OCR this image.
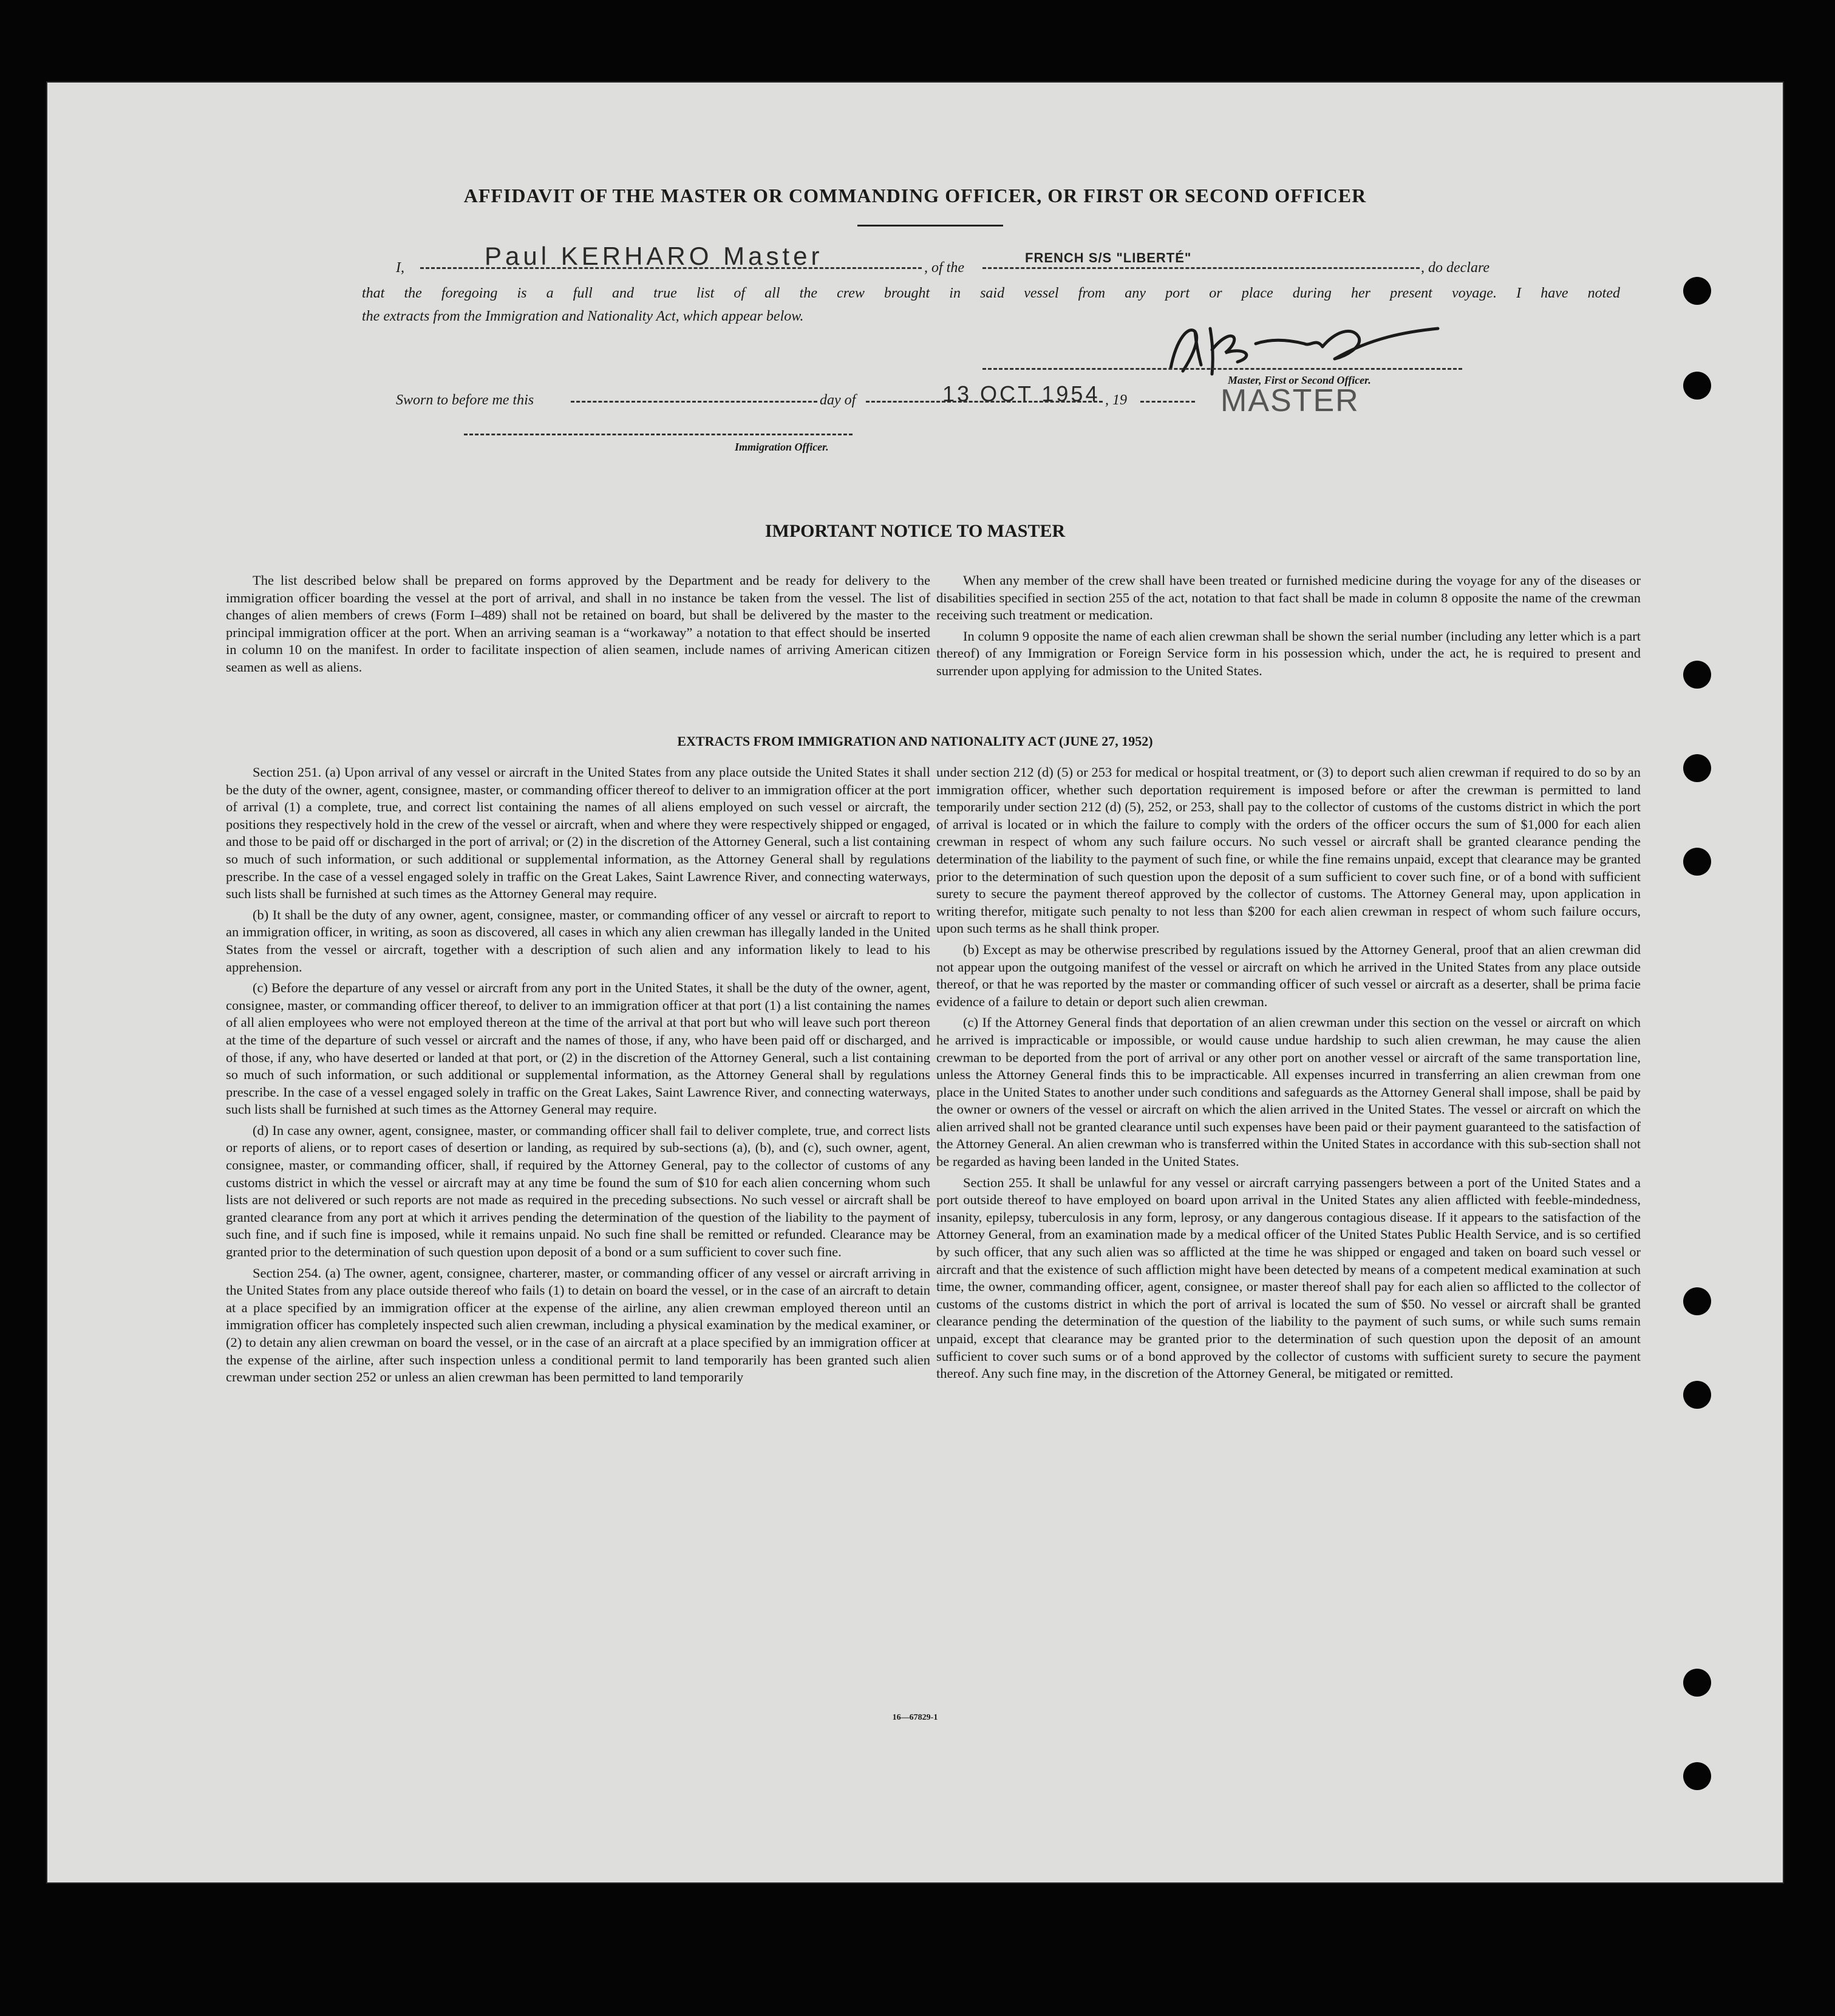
AFFIDAVIT OF THE MASTER OR COMMANDING OFFICER, OR FIRST OR SECOND OFFICER
I,	Paul KERHARO Master	, of the
FRENCH S/S "LIBERTÉ"
, do declare
that the foregoing is a full and true list of all the crew brought in said vessel from any port or place during her present voyage. I have noted
the extracts from the Immigration and Nationality Act, which appear below.
Master, First or Second Officer.
MASTER
Sworn to before me this	day of	13 OCT 1954 , 19
Immigration Officer.
IMPORTANT NOTICE TO MASTER

The list described below shall be prepared on forms approved by the Department and be ready for delivery to the immigration officer boarding the vessel at the port of arrival, and shall in no instance be taken from the vessel. The list of changes of alien members of crews (Form I–489) shall not be retained on board, but shall be delivered by the master to the principal immigration officer at the port. When an arriving seaman is a “workaway” a notation to that effect should be inserted in column 10 on the manifest. In order to facilitate inspection of alien seamen, include names of arriving American citizen seamen as well as aliens.

When any member of the crew shall have been treated or furnished medicine during the voyage for any of the diseases or disabilities specified in section 255 of the act, notation to that fact shall be made in column 8 opposite the name of the crewman receiving such treatment or medication.

In column 9 opposite the name of each alien crewman shall be shown the serial number (including any letter which is a part thereof) of any Immigration or Foreign Service form in his possession which, under the act, he is required to present and surrender upon applying for admission to the United States.

EXTRACTS FROM IMMIGRATION AND NATIONALITY ACT (JUNE 27, 1952)

Section 251. (a) Upon arrival of any vessel or aircraft in the United States from any place outside the United States it shall be the duty of the owner, agent, consignee, master, or commanding officer thereof to deliver to an immigration officer at the port of arrival (1) a complete, true, and correct list containing the names of all aliens employed on such vessel or aircraft, the positions they respectively hold in the crew of the vessel or aircraft, when and where they were respectively shipped or engaged, and those to be paid off or discharged in the port of arrival; or (2) in the discretion of the Attorney General, such a list containing so much of such information, or such additional or supplemental information, as the Attorney General shall by regulations prescribe. In the case of a vessel engaged solely in traffic on the Great Lakes, Saint Lawrence River, and connecting waterways, such lists shall be furnished at such times as the Attorney General may require.

(b) It shall be the duty of any owner, agent, consignee, master, or commanding officer of any vessel or aircraft to report to an immigration officer, in writing, as soon as discovered, all cases in which any alien crewman has illegally landed in the United States from the vessel or aircraft, together with a description of such alien and any information likely to lead to his apprehension.

(c) Before the departure of any vessel or aircraft from any port in the United States, it shall be the duty of the owner, agent, consignee, master, or commanding officer thereof, to deliver to an immigration officer at that port (1) a list containing the names of all alien employees who were not employed thereon at the time of the arrival at that port but who will leave such port thereon at the time of the departure of such vessel or aircraft and the names of those, if any, who have been paid off or discharged, and of those, if any, who have deserted or landed at that port, or (2) in the discretion of the Attorney General, such a list containing so much of such information, or such additional or supplemental information, as the Attorney General shall by regulations prescribe. In the case of a vessel engaged solely in traffic on the Great Lakes, Saint Lawrence River, and connecting waterways, such lists shall be furnished at such times as the Attorney General may require.

(d) In case any owner, agent, consignee, master, or commanding officer shall fail to deliver complete, true, and correct lists or reports of aliens, or to report cases of desertion or landing, as required by sub-sections (a), (b), and (c), such owner, agent, consignee, master, or commanding officer, shall, if required by the Attorney General, pay to the collector of customs of any customs district in which the vessel or aircraft may at any time be found the sum of $10 for each alien concerning whom such lists are not delivered or such reports are not made as required in the preceding subsections. No such vessel or aircraft shall be granted clearance from any port at which it arrives pending the determination of the question of the liability to the payment of such fine, and if such fine is imposed, while it remains unpaid. No such fine shall be remitted or refunded. Clearance may be granted prior to the determination of such question upon deposit of a bond or a sum sufficient to cover such fine.

Section 254. (a) The owner, agent, consignee, charterer, master, or commanding officer of any vessel or aircraft arriving in the United States from any place outside thereof who fails (1) to detain on board the vessel, or in the case of an aircraft to detain at a place specified by an immigration officer at the expense of the airline, any alien crewman employed thereon until an immigration officer has completely inspected such alien crewman, including a physical examination by the medical examiner, or (2) to detain any alien crewman on board the vessel, or in the case of an aircraft at a place specified by an immigration officer at the expense of the airline, after such inspection unless a conditional permit to land temporarily has been granted such alien crewman under section 252 or unless an alien crewman has been permitted to land temporarily

under section 212 (d) (5) or 253 for medical or hospital treatment, or (3) to deport such alien crewman if required to do so by an immigration officer, whether such deportation requirement is imposed before or after the crewman is permitted to land temporarily under section 212 (d) (5), 252, or 253, shall pay to the collector of customs of the customs district in which the port of arrival is located or in which the failure to comply with the orders of the officer occurs the sum of $1,000 for each alien crewman in respect of whom any such failure occurs. No such vessel or aircraft shall be granted clearance pending the determination of the liability to the payment of such fine, or while the fine remains unpaid, except that clearance may be granted prior to the determination of such question upon the deposit of a sum sufficient to cover such fine, or of a bond with sufficient surety to secure the payment thereof approved by the collector of customs. The Attorney General may, upon application in writing therefor, mitigate such penalty to not less than $200 for each alien crewman in respect of whom such failure occurs, upon such terms as he shall think proper.

(b) Except as may be otherwise prescribed by regulations issued by the Attorney General, proof that an alien crewman did not appear upon the outgoing manifest of the vessel or aircraft on which he arrived in the United States from any place outside thereof, or that he was reported by the master or commanding officer of such vessel or aircraft as a deserter, shall be prima facie evidence of a failure to detain or deport such alien crewman.

(c) If the Attorney General finds that deportation of an alien crewman under this section on the vessel or aircraft on which he arrived is impracticable or impossible, or would cause undue hardship to such alien crewman, he may cause the alien crewman to be deported from the port of arrival or any other port on another vessel or aircraft of the same transportation line, unless the Attorney General finds this to be impracticable. All expenses incurred in transferring an alien crewman from one place in the United States to another under such conditions and safeguards as the Attorney General shall impose, shall be paid by the owner or owners of the vessel or aircraft on which the alien arrived in the United States. The vessel or aircraft on which the alien arrived shall not be granted clearance until such expenses have been paid or their payment guaranteed to the satisfaction of the Attorney General. An alien crewman who is transferred within the United States in accordance with this sub-section shall not be regarded as having been landed in the United States.

Section 255. It shall be unlawful for any vessel or aircraft carrying passengers between a port of the United States and a port outside thereof to have employed on board upon arrival in the United States any alien afflicted with feeble-mindedness, insanity, epilepsy, tuberculosis in any form, leprosy, or any dangerous contagious disease. If it appears to the satisfaction of the Attorney General, from an examination made by a medical officer of the United States Public Health Service, and is so certified by such officer, that any such alien was so afflicted at the time he was shipped or engaged and taken on board such vessel or aircraft and that the existence of such affliction might have been detected by means of a competent medical examination at such time, the owner, commanding officer, agent, consignee, or master thereof shall pay for each alien so afflicted to the collector of customs of the customs district in which the port of arrival is located the sum of $50. No vessel or aircraft shall be granted clearance pending the determination of the question of the liability to the payment of such sums, or while such sums remain unpaid, except that clearance may be granted prior to the determination of such question upon the deposit of an amount sufficient to cover such sums or of a bond approved by the collector of customs with sufficient surety to secure the payment thereof. Any such fine may, in the discretion of the Attorney General, be mitigated or remitted.

16—67829-1
